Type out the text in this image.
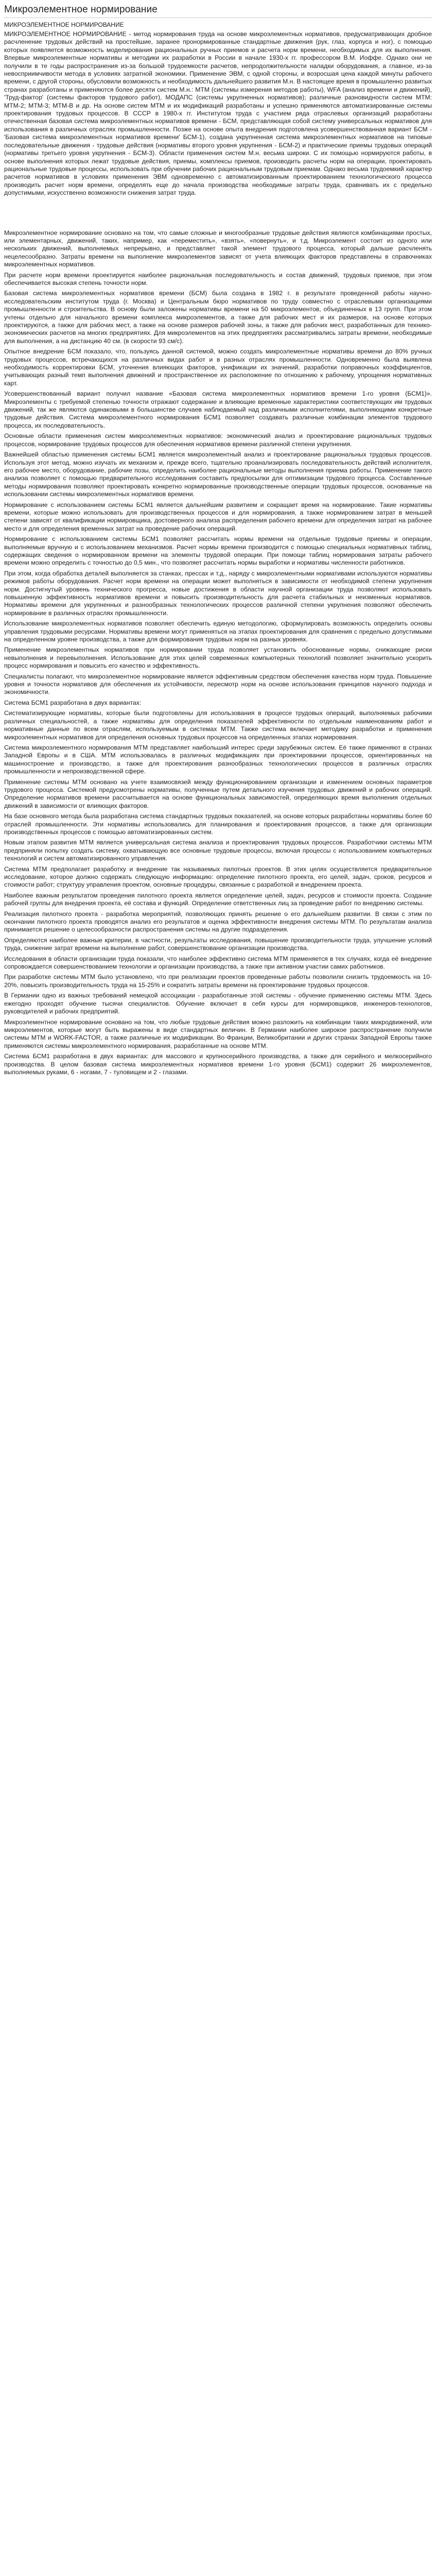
Микроэлементное нормирование
МИКРОЭЛЕМЕНТНОЕ НОРМИРОВАНИЕ

МИКРОЭЛЕМЕНТНОЕ НОРМИРОВАНИЕ - метод нормирования труда на основе микроэлементных нормативов, предусматривающих дробное расчленение трудовых действий на простейшие, заранее пронормированные стандартные движения (рук, глаз, корпуса и ног), с помощью которых появляется возможность моделирования рациональных ручных приемов и расчета норм времени, необходимых для их выполнения. Впервые микроэлементные нормативы и методики их разработки в России в начале 1930-х гг. профессором В.М. Иоффе. Однако они не получили в те годы распространения из-за большой трудоемкости расчетов, непродолжительности наладки оборудования, а главное, из-за невосприимчивости метода в условиях затратной экономики. Применение ЭВМ, с одной стороны, и возросшая цена каждой минуты рабочего времени, с другой стороны, обусловили возможность и необходимость дальнейшего развития М.н. В настоящее время в промышленно развитых странах разработаны и применяются более десяти систем М.н.: МТМ (системы измерения методов работы), WFA (анализ времени и движений), 'Труд-фактор' (системы факторов трудового работ), МОДАПС (системы укрупненных нормативов); различные разновидности систем МТМ: МТМ-2; МТМ-3; МТМ-В и др. На основе систем МТМ и их модификаций разработаны и успешно применяются автоматизированные системы проектирования трудовых процессов. В СССР в 1980-х гг. Институтом труда с участием ряда отраслевых организаций разработаны отечественная базовая система микроэлементных нормативов времени - БСМ, представляющая собой систему универсальных нормативов для использования в различных отраслях промышленности. Позже на основе опыта внедрения подготовлена усовершенствованная вариант БСМ - 'Базовая система микроэлементных нормативов времени' БСМ-1), создана укрупненная система микроэлементных нормативов на типовые последовательные движения - трудовые действия (нормативы второго уровня укрупнения - БСМ-2) и практические приемы трудовых операций (нормативы третьего уровня укрупнения - БСМ-3). Области применения систем М.н. весьма широки. С их помощью нормируются работы, в основе выполнения которых лежат трудовые действия, приемы, комплексы приемов, производить расчеты норм на операции, проектировать рациональные трудовые процессы, использовать при обучении рабочих рациональным трудовым приемам. Однако весьма трудоемкий характер расчетов нормативов в условиях применения ЭВМ одновременно с автоматизированным проектированием технологического процесса производить расчет норм времени, определять еще до начала производства необходимые затраты труда, сравнивать их с предельно допустимыми, искусственно возможности снижения затрат труда.

Микроэлементное нормирование основано на том, что самые сложные и многообразные трудовые действия являются комбинациями простых, или элементарных, движений, таких, например, как «переместить», «взять», «повернуть», и т.д. Микроэлемент состоит из одного или нескольких движений, выполняемых непрерывно, и представляет такой элемент трудового процесса, который дальше расчленять нецелесообразно. Затраты времени на выполнение микроэлементов зависят от учета влияющих факторов представлены в справочниках микроэлементных нормативов.

При расчете норм времени проектируется наиболее рациональная последовательность и состав движений, трудовых приемов, при этом обеспечивается высокая степень точности норм.

Базовая система микроэлементных нормативов времени (БСМ) была создана в 1982 г. в результате проведенной работы научно-исследовательским институтом труда (г. Москва) и Центральным бюро нормативов по труду совместно с отраслевыми организациями промышленности и строительства. В основу были заложены нормативы времени на 50 микроэлементов, объединенных в 13 групп. При этом учтены отдельно для начального времени комплекса микроэлементов, а также для рабочих мест и их размеров, на основе которых проектируются, а также для рабочих мест, а также на основе размеров рабочей зоны, а также для рабочих мест, разработанных для технико-экономических расчетов на многих предприятиях. Для микроэлементов на этих предприятиях рассматривались затраты времени, необходимые для выполнения, а на дистанцию 40 см. (в скорости 93 см/с).

Опытное внедрение БСМ показало, что, пользуясь данной системой, можно создать микроэлементные нормативы времени до 80% ручных трудовых процессов, встречающихся на различных видах работ и в разных отраслях промышленности. Одновременно была выявлена необходимость корректировки БСМ, уточнения влияющих факторов, унификации их значений, разработки поправочных коэффициентов, учитывающих разный темп выполнения движений и пространственное их расположение по отношению к рабочему, упрощения нормативных карт.

Усовершенствованный вариант получил название «Базовая система микроэлементных нормативов времени 1-го уровня (БСМ1)». Микроэлементы с требуемой степенью точности отражают содержание и влияющие временные характеристики соответствующих им трудовых движений, так же являются одинаковыми в большинстве случаев наблюдаемый над различными исполнителями, выполняющими конкретные трудовые действия. Система микроэлементного нормирования БСМ1 позволяет создавать различные комбинации элементов трудового процесса, их последовательность.

Основные области применения систем микроэлементных нормативов: экономический анализ и проектирование рациональных трудовых процессов, нормирование трудовых процессов для обеспечения нормативов времени различной степени укрупнения.

Важнейшей областью применения системы БСМ1 является микроэлементный анализ и проектирование рациональных трудовых процессов. Используя этот метод, можно изучать их механизм и, прежде всего, тщательно проанализировать последовательность действий исполнителя, его рабочее место, оборудование, рабочие позы, определить наиболее рациональные методы выполнения приема работы. Применение такого анализа позволяет с помощью предварительного исследования составить предпосылки для оптимизации трудового процесса. Составленные методы нормирования позволяют проектировать конкретно нормированные производственные операции трудовых процессов, основанные на использовании системы микроэлементных нормативов времени.

Нормирование с использованием системы БСМ1 является дальнейшим развитием и сокращает время на нормирование. Такие нормативы времени, которые можно использовать для производственных процессов и для нормирования, а также нормированием затрат в меньшей степени зависят от квалификации нормировщика, достоверного анализа распределения рабочего времени для определения затрат на рабочее место и для определения временных затрат на проведение рабочих операций.

Нормирование с использованием системы БСМ1 позволяет рассчитать нормы времени на отдельные трудовые приемы и операции, выполняемые вручную и с использованием механизмов. Расчет нормы времени производится с помощью специальных нормативных таблиц, содержащих сведения о нормированном времени на элементы трудовой операции. При помощи таблиц нормирования затраты рабочего времени можно определить с точностью до 0,5 мин., что позволяет рассчитать нормы выработки и нормативы численности работников.

При этом, когда обработка деталей выполняется за станках, прессах и т.д., наряду с микроэлементными нормативами используются нормативы режимов работы оборудования. Расчет норм времени на операции может выполняться в зависимости от необходимой степени укрупнения норм. Достигнутый уровень технического прогресса, новые достижения в области научной организации труда позволяют использовать повышенную эффективность нормативов времени и повысить производительность для расчета стабильных и неизменных нормативов. Нормативы времени для укрупненных и разнообразных технологических процессов различной степени укрупнения позволяют обеспечить нормирование в различных отраслях промышленности.

Использование микроэлементных нормативов позволяет обеспечить единую методологию, сформулировать возможность определить основы управления трудовыми ресурсами. Нормативы времени могут применяться на этапах проектирования для сравнения с предельно допустимыми на определенном уровне производства, а также для формирования трудовых норм на разных уровнях.

Применение микроэлементных нормативов при нормировании труда позволяет установить обоснованные нормы, снижающие риски невыполнения и перевыполнения. Использование для этих целей современных компьютерных технологий позволяет значительно ускорить процесс нормирования и повысить его качество и эффективность.

Специалисты полагают, что микроэлементное нормирование является эффективным средством обеспечения качества норм труда. Повышение уровня и точности нормативов для обеспечения их устойчивости, пересмотр норм на основе использования принципов научного подхода и экономичности.

Система БСМ1 разработана в двух вариантах:

Систематизирующие нормативы, которые были подготовлены для использования в процессе трудовых операций, выполняемых рабочими различных специальностей, а также нормативы для определения показателей эффективности по отдельным наименованиям работ и нормативные данные по всем отраслям, используемым в системах МТМ. Также система включает методику разработки и применения микроэлементных нормативов для определения основных трудовых процессов на определенных этапах нормирования.

Система микроэлементного нормирования МТМ представляет наибольший интерес среди зарубежных систем. Её также применяют в странах Западной Европы и в США. МТМ использовалась в различных модификациях при проектировании процессов, ориентированных на машиностроение и производство, а также для проектирования разнообразных технологических процессов в различных отраслях промышленности и непроизводственной сфере.

Применение системы МТМ основано на учете взаимосвязей между функционированием организации и изменением основных параметров трудового процесса. Системой предусмотрены нормативы, полученные путем детального изучения трудовых движений и рабочих операций. Определение нормативов времени рассчитывается на основе функциональных зависимостей, определяющих время выполнения отдельных движений в зависимости от влияющих факторов.

На базе основного метода была разработана система стандартных трудовых показателей, на основе которых разработаны нормативы более 60 отраслей промышленности. Эти нормативы использовались для планирования и проектирования процессов, а также для организации производственных процессов с помощью автоматизированных систем.

Новым этапом развития МТМ является универсальная система анализа и проектирования трудовых процессов. Разработчики системы МТМ предприняли попытку создать систему, охватывающую все основные трудовые процессы, включая процессы с использованием компьютерных технологий и систем автоматизированного управления.

Система МТМ предполагает разработку и внедрение так называемых пилотных проектов. В этих целях осуществляется предварительное исследование, которое должно содержать следующую информацию: определение пилотного проекта, его целей, задач, сроков, ресурсов и стоимости работ; структуру управления проектом, основные процедуры, связанные с разработкой и внедрением проекта.

Наиболее важным результатом проведения пилотного проекта является определение целей, задач, ресурсов и стоимости проекта. Создание рабочей группы для внедрения проекта, её состава и функций. Определение ответственных лиц за проведение работ по внедрению системы.

Реализация пилотного проекта - разработка мероприятий, позволяющих принять решение о его дальнейшем развитии. В связи с этим по окончании пилотного проекта проводятся анализ его результатов и оценка эффективности внедрения системы МТМ. По результатам анализа принимается решение о целесообразности распространения системы на другие подразделения.

Определяются наиболее важные критерии, в частности, результаты исследования, повышение производительности труда, улучшение условий труда, снижение затрат времени на выполнение работ, совершенствование организации производства.

Исследования в области организации труда показали, что наиболее эффективно система МТМ применяется в тех случаях, когда её внедрение сопровождается совершенствованием технологии и организации производства, а также при активном участии самих работников.

При разработке системы МТМ было установлено, что при реализации проектов проведенные работы позволили снизить трудоемкость на 10-20%, повысить производительность труда на 15-25% и сократить затраты времени на проектирование трудовых процессов.

В Германии одно из важных требований немецкой ассоциации - разработанные этой системы - обучение применению системы МТМ. Здесь ежегодно проходят обучение тысячи специалистов. Обучение включает в себя курсы для нормировщиков, инженеров-технологов, руководителей и рабочих предприятий.

Микроэлементное нормирование основано на том, что любые трудовые действия можно разложить на комбинации таких микродвижений, или микроэлементов, которые могут быть выражены в виде стандартных величин. В Германии наиболее широкое распространение получили системы МТМ и WORK-FACTOR, а также различные их модификации. Во Франции, Великобритании и других странах Западной Европы также применяются системы микроэлементного нормирования, разработанные на основе МТМ.

Система БСМ1 разработана в двух вариантах: для массового и крупносерийного производства, а также для серийного и мелкосерийного производства. В целом базовая система микроэлементных нормативов времени 1-го уровня (БСМ1) содержит 26 микроэлементов, выполняемых руками, 6 - ногами, 7 - туловищем и 2 - глазами.
